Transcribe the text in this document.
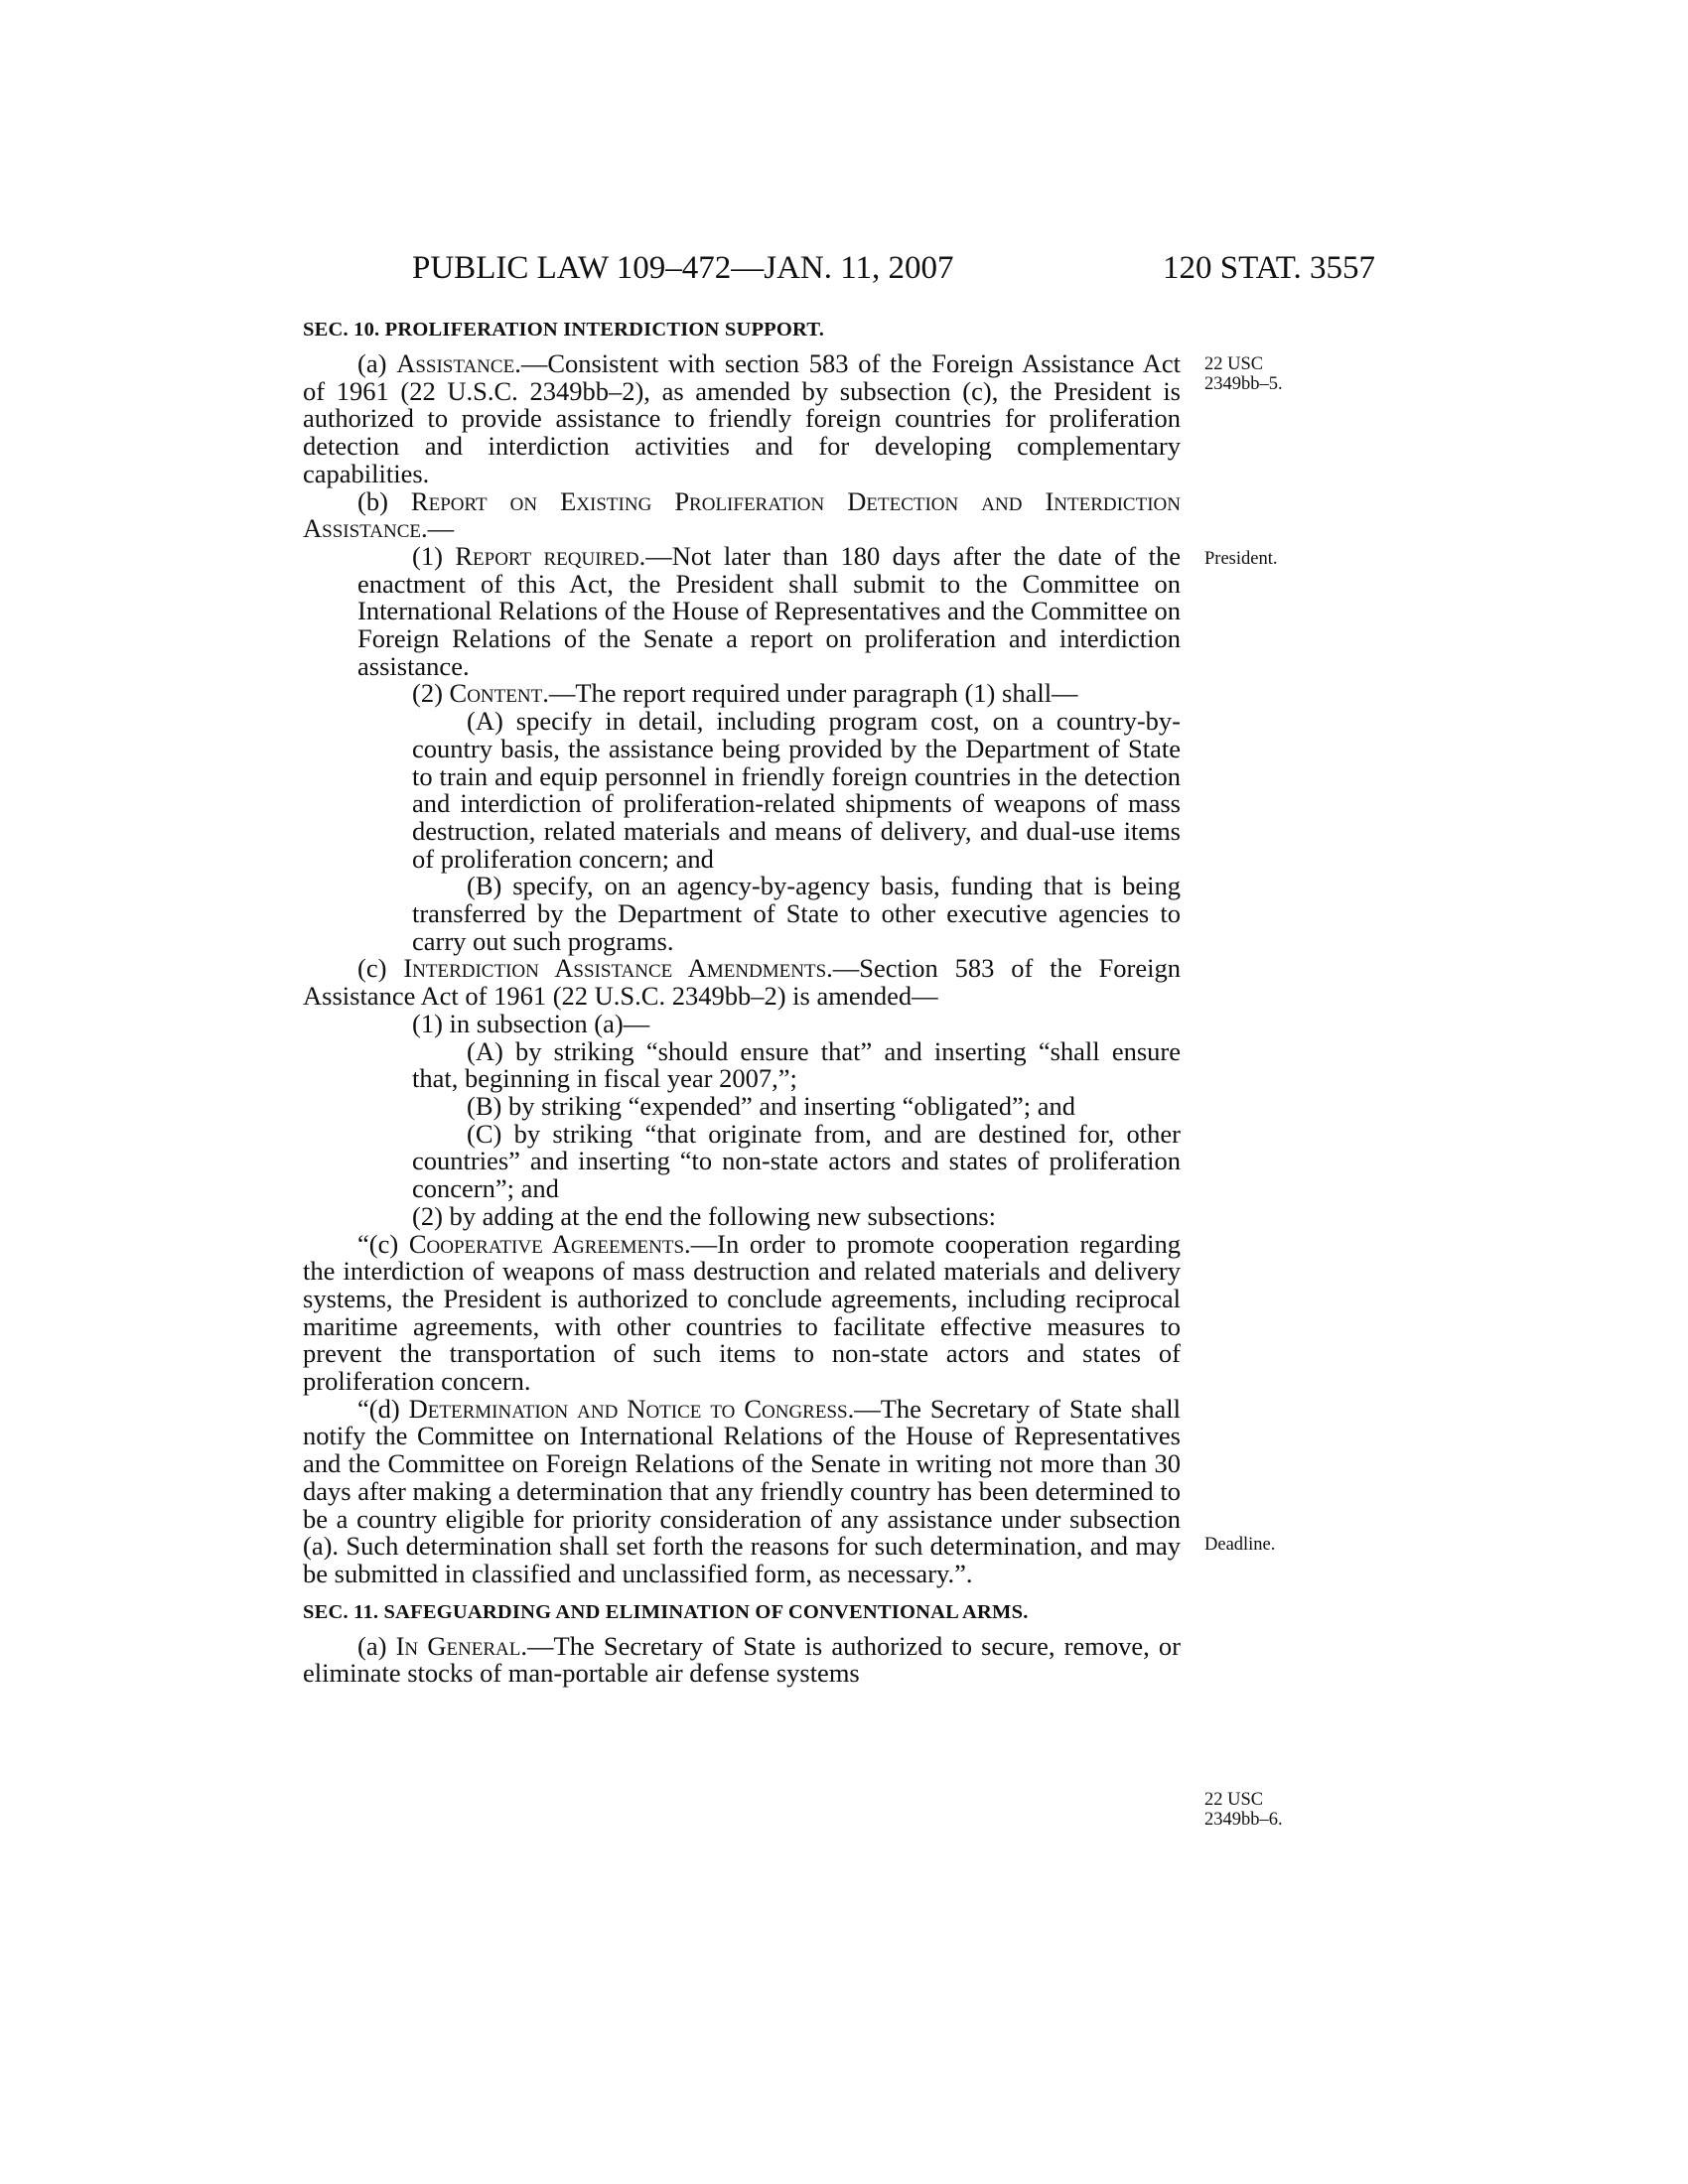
PUBLIC LAW 109–472—JAN. 11, 2007	120 STAT. 3557
22 USC
2349bb–5.
President.
Deadline.
22 USC
2349bb–6.
SEC. 10. PROLIFERATION INTERDICTION SUPPORT.

(a) Assistance.—Consistent with section 583 of the Foreign Assistance Act of 1961 (22 U.S.C. 2349bb–2), as amended by subsection (c), the President is authorized to provide assistance to friendly foreign countries for proliferation detection and interdiction activities and for developing complementary capabilities.

(b) Report on Existing Proliferation Detection and Interdiction Assistance.—

(1) Report required.—Not later than 180 days after the date of the enactment of this Act, the President shall submit to the Committee on International Relations of the House of Representatives and the Committee on Foreign Relations of the Senate a report on proliferation and interdiction assistance.

(2) Content.—The report required under paragraph (1) shall—

(A) specify in detail, including program cost, on a country-by-country basis, the assistance being provided by the Department of State to train and equip personnel in friendly foreign countries in the detection and interdiction of proliferation-related shipments of weapons of mass destruction, related materials and means of delivery, and dual-use items of proliferation concern; and

(B) specify, on an agency-by-agency basis, funding that is being transferred by the Department of State to other executive agencies to carry out such programs.

(c) Interdiction Assistance Amendments.—Section 583 of the Foreign Assistance Act of 1961 (22 U.S.C. 2349bb–2) is amended—

(1) in subsection (a)—

(A) by striking “should ensure that” and inserting “shall ensure that, beginning in fiscal year 2007,”;

(B) by striking “expended” and inserting “obligated”; and

(C) by striking “that originate from, and are destined for, other countries” and inserting “to non-state actors and states of proliferation concern”; and

(2) by adding at the end the following new subsections:

“(c) Cooperative Agreements.—In order to promote cooperation regarding the interdiction of weapons of mass destruction and related materials and delivery systems, the President is authorized to conclude agreements, including reciprocal maritime agreements, with other countries to facilitate effective measures to prevent the transportation of such items to non-state actors and states of proliferation concern.

“(d) Determination and Notice to Congress.—The Secretary of State shall notify the Committee on International Relations of the House of Representatives and the Committee on Foreign Relations of the Senate in writing not more than 30 days after making a determination that any friendly country has been determined to be a country eligible for priority consideration of any assistance under subsection (a). Such determination shall set forth the reasons for such determination, and may be submitted in classified and unclassified form, as necessary.”.

SEC. 11. SAFEGUARDING AND ELIMINATION OF CONVENTIONAL ARMS.

(a) In General.—The Secretary of State is authorized to secure, remove, or eliminate stocks of man-portable air defense systems
